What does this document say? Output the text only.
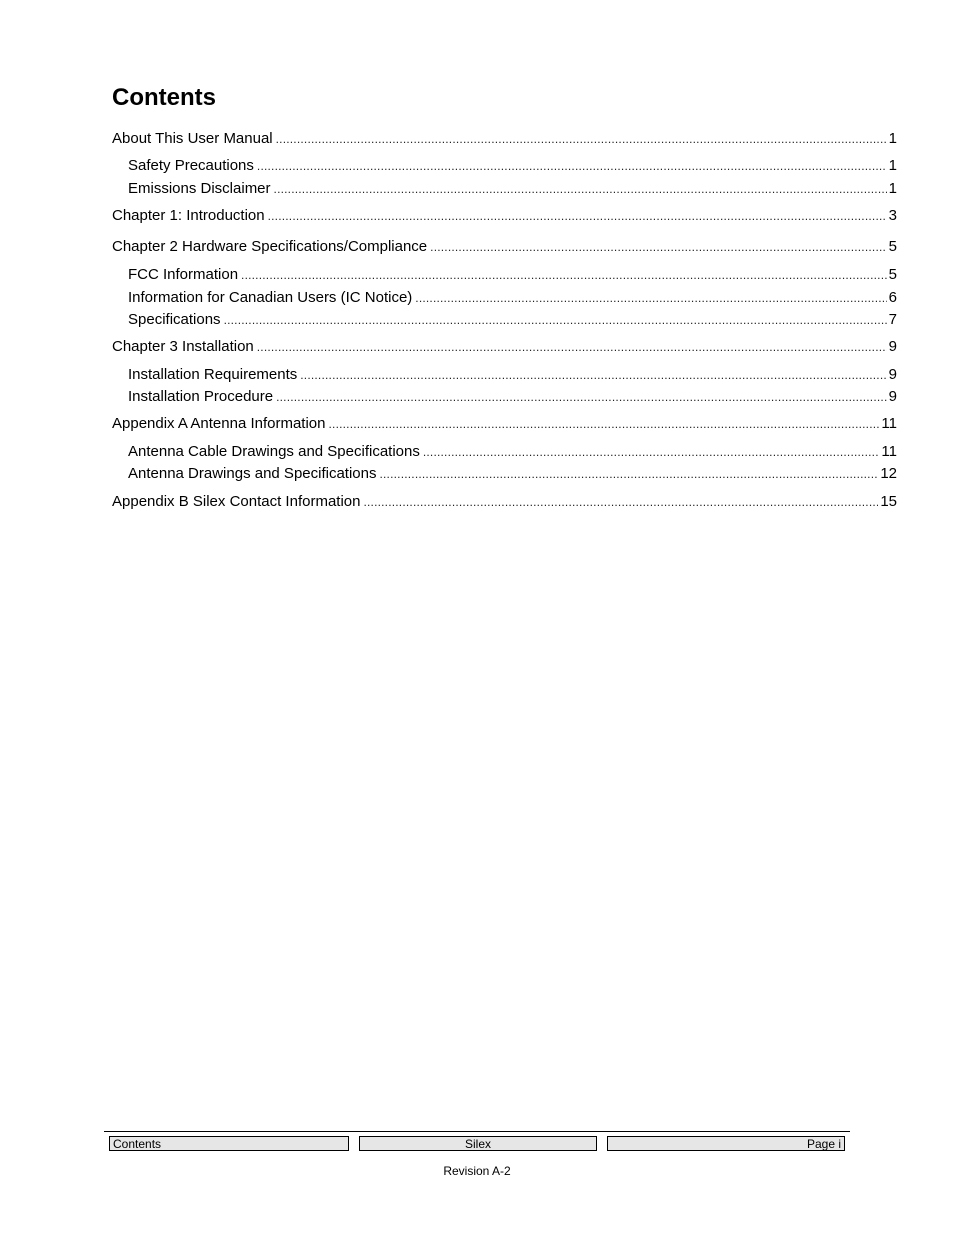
Contents
About This User Manual .....	1
Safety Precautions .....	1
Emissions Disclaimer .....	1
Chapter 1: Introduction .....	3
Chapter 2 Hardware Specifications/Compliance .....	5
FCC Information .....	5
Information for Canadian Users (IC Notice) .....	6
Specifications .....	7
Chapter 3 Installation .....	9
Installation Requirements .....	9
Installation Procedure .....	9
Appendix A Antenna Information .....	11
Antenna Cable Drawings and Specifications .....	11
Antenna Drawings and Specifications .....	12
Appendix B Silex Contact Information .....	15
Contents	Silex	Page i
Revision A-2
